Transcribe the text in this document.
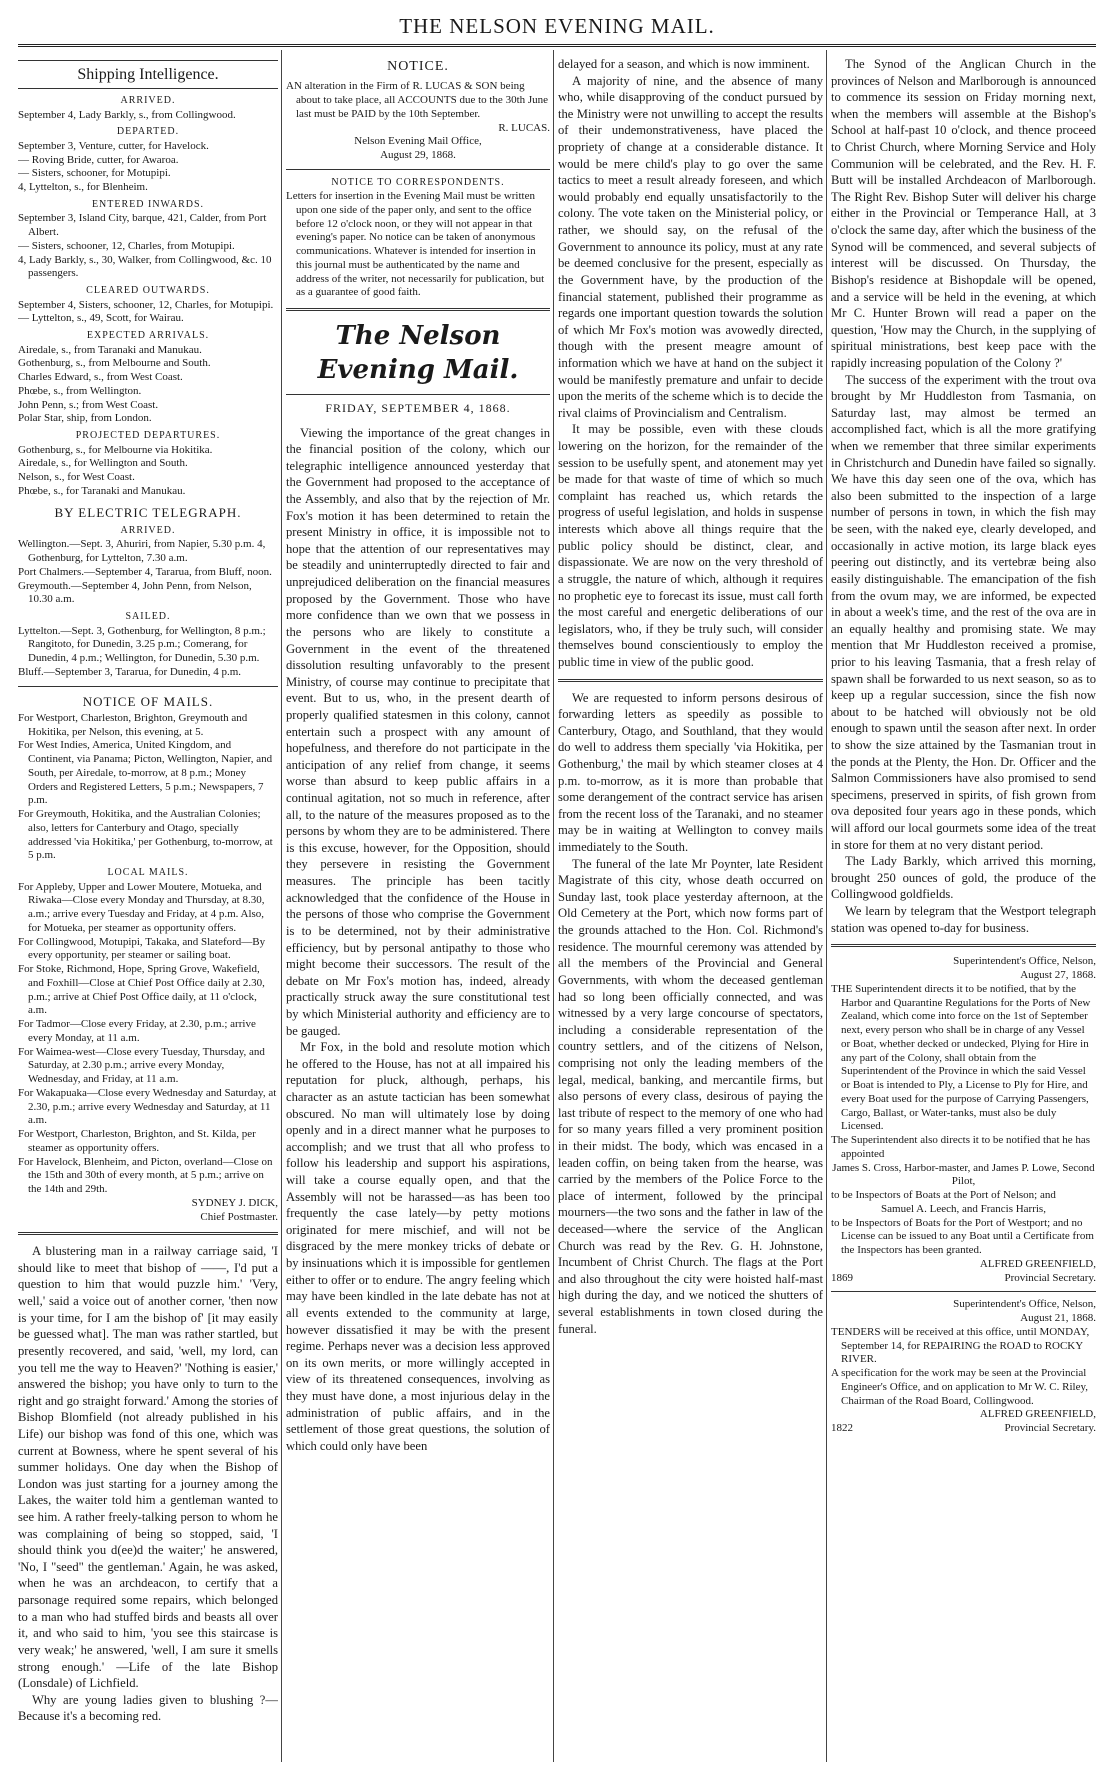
THE NELSON EVENING MAIL.
Shipping Intelligence.
ARRIVED.

September 4, Lady Barkly, s., from Collingwood.

DEPARTED.

September 3, Venture, cutter, for Havelock.

— Roving Bride, cutter, for Awaroa.

— Sisters, schooner, for Motupipi.

4, Lyttelton, s., for Blenheim.

ENTERED INWARDS.

September 3, Island City, barque, 421, Calder, from Port Albert.

— Sisters, schooner, 12, Charles, from Motupipi.

4, Lady Barkly, s., 30, Walker, from Collingwood, &c. 10 passengers.

CLEARED OUTWARDS.

September 4, Sisters, schooner, 12, Charles, for Motupipi.

— Lyttelton, s., 49, Scott, for Wairau.

EXPECTED ARRIVALS.

Airedale, s., from Taranaki and Manukau.

Gothenburg, s., from Melbourne and South.

Charles Edward, s., from West Coast.

Phœbe, s., from Wellington.

John Penn, s.; from West Coast.

Polar Star, ship, from London.

PROJECTED DEPARTURES.

Gothenburg, s., for Melbourne via Hokitika.

Airedale, s., for Wellington and South.

Nelson, s., for West Coast.

Phœbe, s., for Taranaki and Manukau.

BY ELECTRIC TELEGRAPH.
ARRIVED.

Wellington.—Sept. 3, Ahuriri, from Napier, 5.30 p.m. 4, Gothenburg, for Lyttelton, 7.30 a.m.

Port Chalmers.—September 4, Tararua, from Bluff, noon.

Greymouth.—September 4, John Penn, from Nelson, 10.30 a.m.

SAILED.

Lyttelton.—Sept. 3, Gothenburg, for Wellington, 8 p.m.; Rangitoto, for Dunedin, 3.25 p.m.; Comerang, for Dunedin, 4 p.m.; Wellington, for Dunedin, 5.30 p.m.

Bluff.—September 3, Tararua, for Dunedin, 4 p.m.

NOTICE OF MAILS.

For Westport, Charleston, Brighton, Greymouth and Hokitika, per Nelson, this evening, at 5.

For West Indies, America, United Kingdom, and Continent, via Panama; Picton, Wellington, Napier, and South, per Airedale, to-morrow, at 8 p.m.; Money Orders and Registered Letters, 5 p.m.; Newspapers, 7 p.m.

For Greymouth, Hokitika, and the Australian Colonies; also, letters for Canterbury and Otago, specially addressed 'via Hokitika,' per Gothenburg, to-morrow, at 5 p.m.

LOCAL MAILS.

For Appleby, Upper and Lower Moutere, Motueka, and Riwaka—Close every Monday and Thursday, at 8.30, a.m.; arrive every Tuesday and Friday, at 4 p.m. Also, for Motueka, per steamer as opportunity offers.

For Collingwood, Motupipi, Takaka, and Slateford—By every opportunity, per steamer or sailing boat.

For Stoke, Richmond, Hope, Spring Grove, Wakefield, and Foxhill—Close at Chief Post Office daily at 2.30, p.m.; arrive at Chief Post Office daily, at 11 o'clock, a.m.

For Tadmor—Close every Friday, at 2.30, p.m.; arrive every Monday, at 11 a.m.

For Waimea-west—Close every Tuesday, Thursday, and Saturday, at 2.30 p.m.; arrive every Monday, Wednesday, and Friday, at 11 a.m.

For Wakapuaka—Close every Wednesday and Saturday, at 2.30, p.m.; arrive every Wednesday and Saturday, at 11 a.m.

For Westport, Charleston, Brighton, and St. Kilda, per steamer as opportunity offers.

For Havelock, Blenheim, and Picton, overland—Close on the 15th and 30th of every month, at 5 p.m.; arrive on the 14th and 29th.

SYDNEY J. DICK,
Chief Postmaster.

A blustering man in a railway carriage said, 'I should like to meet that bishop of ——, I'd put a question to him that would puzzle him.' 'Very, well,' said a voice out of another corner, 'then now is your time, for I am the bishop of' [it may easily be guessed what]. The man was rather startled, but presently recovered, and said, 'well, my lord, can you tell me the way to Heaven?' 'Nothing is easier,' answered the bishop; you have only to turn to the right and go straight forward.' Among the stories of Bishop Blomfield (not already published in his Life) our bishop was fond of this one, which was current at Bowness, where he spent several of his summer holidays. One day when the Bishop of London was just starting for a journey among the Lakes, the waiter told him a gentleman wanted to see him. A rather freely-talking person to whom he was complaining of being so stopped, said, 'I should think you d(ee)d the waiter;' he answered, 'No, I "seed" the gentleman.' Again, he was asked, when he was an archdeacon, to certify that a parsonage required some repairs, which belonged to a man who had stuffed birds and beasts all over it, and who said to him, 'you see this staircase is very weak;' he answered, 'well, I am sure it smells strong enough.' —Life of the late Bishop (Lonsdale) of Lichfield.

Why are young ladies given to blushing ?—Because it's a becoming red.

NOTICE.

AN alteration in the Firm of R. LUCAS & SON being about to take place, all ACCOUNTS due to the 30th June last must be PAID by the 10th September.

R. LUCAS.
Nelson Evening Mail Office,
August 29, 1868.
NOTICE TO CORRESPONDENTS.

Letters for insertion in the Evening Mail must be written upon one side of the paper only, and sent to the office before 12 o'clock noon, or they will not appear in that evening's paper. No notice can be taken of anonymous communications. Whatever is intended for insertion in this journal must be authenticated by the name and address of the writer, not necessarily for publication, but as a guarantee of good faith.

The Nelson Evening Mail.
FRIDAY, SEPTEMBER 4, 1868.

Viewing the importance of the great changes in the financial position of the colony, which our telegraphic intelligence announced yesterday that the Government had proposed to the acceptance of the Assembly, and also that by the rejection of Mr. Fox's motion it has been determined to retain the present Ministry in office, it is impossible not to hope that the attention of our representatives may be steadily and uninterruptedly directed to fair and unprejudiced deliberation on the financial measures proposed by the Government. Those who have more confidence than we own that we possess in the persons who are likely to constitute a Government in the event of the threatened dissolution resulting unfavorably to the present Ministry, of course may continue to precipitate that event. But to us, who, in the present dearth of properly qualified statesmen in this colony, cannot entertain such a prospect with any amount of hopefulness, and therefore do not participate in the anticipation of any relief from change, it seems worse than absurd to keep public affairs in a continual agitation, not so much in reference, after all, to the nature of the measures proposed as to the persons by whom they are to be administered. There is this excuse, however, for the Opposition, should they persevere in resisting the Government measures. The principle has been tacitly acknowledged that the confidence of the House in the persons of those who comprise the Government is to be determined, not by their administrative efficiency, but by personal antipathy to those who might become their successors. The result of the debate on Mr Fox's motion has, indeed, already practically struck away the sure constitutional test by which Ministerial authority and efficiency are to be gauged.

Mr Fox, in the bold and resolute motion which he offered to the House, has not at all impaired his reputation for pluck, although, perhaps, his character as an astute tactician has been somewhat obscured. No man will ultimately lose by doing openly and in a direct manner what he purposes to accomplish; and we trust that all who profess to follow his leadership and support his aspirations, will take a course equally open, and that the Assembly will not be harassed—as has been too frequently the case lately—by petty motions originated for mere mischief, and will not be disgraced by the mere monkey tricks of debate or by insinuations which it is impossible for gentlemen either to offer or to endure. The angry feeling which may have been kindled in the late debate has not at all events extended to the community at large, however dissatisfied it may be with the present regime. Perhaps never was a decision less approved on its own merits, or more willingly accepted in view of its threatened consequences, involving as they must have done, a most injurious delay in the administration of public affairs, and in the settlement of those great questions, the solution of which could only have been

delayed for a season, and which is now imminent.

A majority of nine, and the absence of many who, while disapproving of the conduct pursued by the Ministry were not unwilling to accept the results of their undemonstrativeness, have placed the propriety of change at a considerable distance. It would be mere child's play to go over the same tactics to meet a result already foreseen, and which would probably end equally unsatisfactorily to the colony. The vote taken on the Ministerial policy, or rather, we should say, on the refusal of the Government to announce its policy, must at any rate be deemed conclusive for the present, especially as the Government have, by the production of the financial statement, published their programme as regards one important question towards the solution of which Mr Fox's motion was avowedly directed, though with the present meagre amount of information which we have at hand on the subject it would be manifestly premature and unfair to decide upon the merits of the scheme which is to decide the rival claims of Provincialism and Centralism.

It may be possible, even with these clouds lowering on the horizon, for the remainder of the session to be usefully spent, and atonement may yet be made for that waste of time of which so much complaint has reached us, which retards the progress of useful legislation, and holds in suspense interests which above all things require that the public policy should be distinct, clear, and dispassionate. We are now on the very threshold of a struggle, the nature of which, although it requires no prophetic eye to forecast its issue, must call forth the most careful and energetic deliberations of our legislators, who, if they be truly such, will consider themselves bound conscientiously to employ the public time in view of the public good.

We are requested to inform persons desirous of forwarding letters as speedily as possible to Canterbury, Otago, and Southland, that they would do well to address them specially 'via Hokitika, per Gothenburg,' the mail by which steamer closes at 4 p.m. to-morrow, as it is more than probable that some derangement of the contract service has arisen from the recent loss of the Taranaki, and no steamer may be in waiting at Wellington to convey mails immediately to the South.

The funeral of the late Mr Poynter, late Resident Magistrate of this city, whose death occurred on Sunday last, took place yesterday afternoon, at the Old Cemetery at the Port, which now forms part of the grounds attached to the Hon. Col. Richmond's residence. The mournful ceremony was attended by all the members of the Provincial and General Governments, with whom the deceased gentleman had so long been officially connected, and was witnessed by a very large concourse of spectators, including a considerable representation of the country settlers, and of the citizens of Nelson, comprising not only the leading members of the legal, medical, banking, and mercantile firms, but also persons of every class, desirous of paying the last tribute of respect to the memory of one who had for so many years filled a very prominent position in their midst. The body, which was encased in a leaden coffin, on being taken from the hearse, was carried by the members of the Police Force to the place of interment, followed by the principal mourners—the two sons and the father in law of the deceased—where the service of the Anglican Church was read by the Rev. G. H. Johnstone, Incumbent of Christ Church. The flags at the Port and also throughout the city were hoisted half-mast high during the day, and we noticed the shutters of several establishments in town closed during the funeral.

The Synod of the Anglican Church in the provinces of Nelson and Marlborough is announced to commence its session on Friday morning next, when the members will assemble at the Bishop's School at half-past 10 o'clock, and thence proceed to Christ Church, where Morning Service and Holy Communion will be celebrated, and the Rev. H. F. Butt will be installed Archdeacon of Marlborough. The Right Rev. Bishop Suter will deliver his charge either in the Provincial or Temperance Hall, at 3 o'clock the same day, after which the business of the Synod will be commenced, and several subjects of interest will be discussed. On Thursday, the Bishop's residence at Bishopdale will be opened, and a service will be held in the evening, at which Mr C. Hunter Brown will read a paper on the question, 'How may the Church, in the supplying of spiritual ministrations, best keep pace with the rapidly increasing population of the Colony ?'

The success of the experiment with the trout ova brought by Mr Huddleston from Tasmania, on Saturday last, may almost be termed an accomplished fact, which is all the more gratifying when we remember that three similar experiments in Christchurch and Dunedin have failed so signally. We have this day seen one of the ova, which has also been submitted to the inspection of a large number of persons in town, in which the fish may be seen, with the naked eye, clearly developed, and occasionally in active motion, its large black eyes peering out distinctly, and its vertebræ being also easily distinguishable. The emancipation of the fish from the ovum may, we are informed, be expected in about a week's time, and the rest of the ova are in an equally healthy and promising state. We may mention that Mr Huddleston received a promise, prior to his leaving Tasmania, that a fresh relay of spawn shall be forwarded to us next season, so as to keep up a regular succession, since the fish now about to be hatched will obviously not be old enough to spawn until the season after next. In order to show the size attained by the Tasmanian trout in the ponds at the Plenty, the Hon. Dr. Officer and the Salmon Commissioners have also promised to send specimens, preserved in spirits, of fish grown from ova deposited four years ago in these ponds, which will afford our local gourmets some idea of the treat in store for them at no very distant period.

The Lady Barkly, which arrived this morning, brought 250 ounces of gold, the produce of the Collingwood goldfields.

We learn by telegram that the Westport telegraph station was opened to-day for business.

Superintendent's Office, Nelson,
August 27, 1868.

THE Superintendent directs it to be notified, that by the Harbor and Quarantine Regulations for the Ports of New Zealand, which come into force on the 1st of September next, every person who shall be in charge of any Vessel or Boat, whether decked or undecked, Plying for Hire in any part of the Colony, shall obtain from the Superintendent of the Province in which the said Vessel or Boat is intended to Ply, a License to Ply for Hire, and every Boat used for the purpose of Carrying Passengers, Cargo, Ballast, or Water-tanks, must also be duly Licensed.

The Superintendent also directs it to be notified that he has appointed

James S. Cross, Harbor-master, and James P. Lowe, Second Pilot,

to be Inspectors of Boats at the Port of Nelson; and

Samuel A. Leech, and Francis Harris,

to be Inspectors of Boats for the Port of Westport; and no License can be issued to any Boat until a Certificate from the Inspectors has been granted.

ALFRED GREENFIELD,
1869	Provincial Secretary.
Superintendent's Office, Nelson,
August 21, 1868.

TENDERS will be received at this office, until MONDAY, September 14, for REPAIRING the ROAD to ROCKY RIVER.

A specification for the work may be seen at the Provincial Engineer's Office, and on application to Mr W. C. Riley, Chairman of the Road Board, Collingwood.

ALFRED GREENFIELD,
1822	Provincial Secretary.
